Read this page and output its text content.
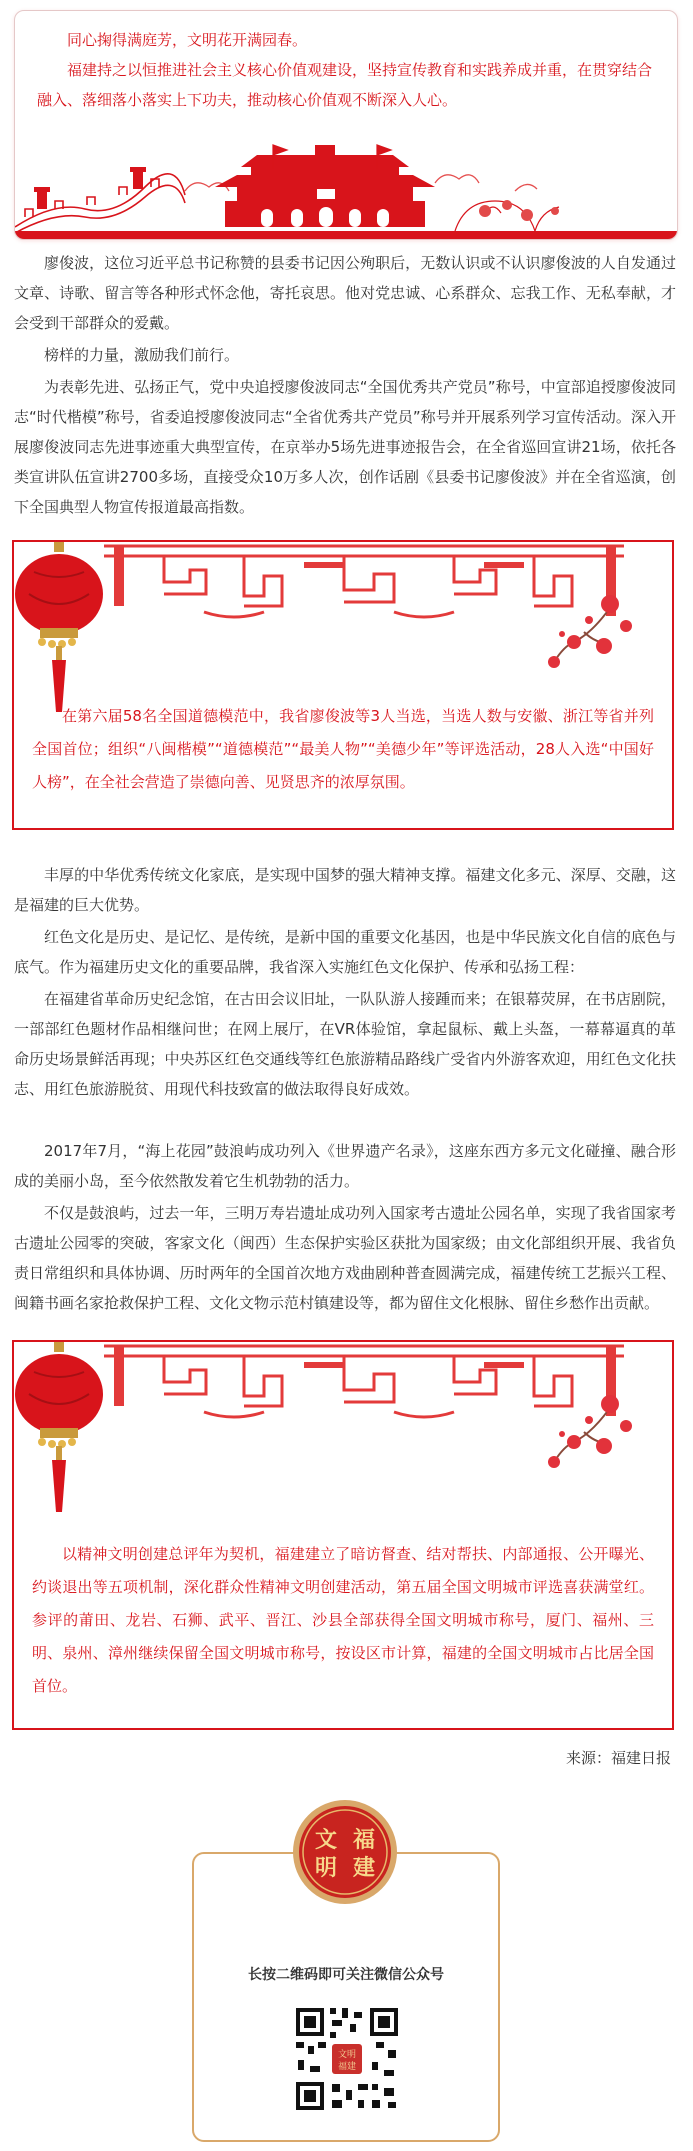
同心掬得满庭芳，文明花开满园春。

福建持之以恒推进社会主义核心价值观建设，坚持宣传教育和实践养成并重，在贯穿结合融入、落细落小落实上下功夫，推动核心价值观不断深入人心。

廖俊波，这位习近平总书记称赞的县委书记因公殉职后，无数认识或不认识廖俊波的人自发通过文章、诗歌、留言等各种形式怀念他，寄托哀思。他对党忠诚、心系群众、忘我工作、无私奉献，才会受到干部群众的爱戴。

榜样的力量，激励我们前行。

为表彰先进、弘扬正气，党中央追授廖俊波同志“全国优秀共产党员”称号，中宣部追授廖俊波同志“时代楷模”称号，省委追授廖俊波同志“全省优秀共产党员”称号并开展系列学习宣传活动。深入开展廖俊波同志先进事迹重大典型宣传，在京举办5场先进事迹报告会，在全省巡回宣讲21场，依托各类宣讲队伍宣讲2700多场，直接受众10万多人次，创作话剧《县委书记廖俊波》并在全省巡演，创下全国典型人物宣传报道最高指数。

在第六届58名全国道德模范中，我省廖俊波等3人当选，当选人数与安徽、浙江等省并列全国首位；组织“八闽楷模”“道德模范”“最美人物”“美德少年”等评选活动，28人入选“中国好人榜”，在全社会营造了崇德向善、见贤思齐的浓厚氛围。

丰厚的中华优秀传统文化家底，是实现中国梦的强大精神支撑。福建文化多元、深厚、交融，这是福建的巨大优势。

红色文化是历史、是记忆、是传统，是新中国的重要文化基因，也是中华民族文化自信的底色与底气。作为福建历史文化的重要品牌，我省深入实施红色文化保护、传承和弘扬工程：

在福建省革命历史纪念馆，在古田会议旧址，一队队游人接踵而来；在银幕荧屏，在书店剧院，一部部红色题材作品相继问世；在网上展厅，在VR体验馆，拿起鼠标、戴上头盔，一幕幕逼真的革命历史场景鲜活再现；中央苏区红色交通线等红色旅游精品路线广受省内外游客欢迎，用红色文化扶志、用红色旅游脱贫、用现代科技致富的做法取得良好成效。

2017年7月，“海上花园”鼓浪屿成功列入《世界遗产名录》，这座东西方多元文化碰撞、融合形成的美丽小岛，至今依然散发着它生机勃勃的活力。

不仅是鼓浪屿，过去一年，三明万寿岩遗址成功列入国家考古遗址公园名单，实现了我省国家考古遗址公园零的突破，客家文化（闽西）生态保护实验区获批为国家级；由文化部组织开展、我省负责日常组织和具体协调、历时两年的全国首次地方戏曲剧种普查圆满完成，福建传统工艺振兴工程、闽籍书画名家抢救保护工程、文化文物示范村镇建设等，都为留住文化根脉、留住乡愁作出贡献。

以精神文明创建总评年为契机，福建建立了暗访督查、结对帮扶、内部通报、公开曝光、约谈退出等五项机制，深化群众性精神文明创建活动，第五届全国文明城市评选喜获满堂红。参评的莆田、龙岩、石狮、武平、晋江、沙县全部获得全国文明城市称号，厦门、福州、三明、泉州、漳州继续保留全国文明城市称号，按设区市计算，福建的全国文明城市占比居全国首位。

来源：福建日报
长按二维码即可关注微信公众号
文明
福建
文 福
明 建
